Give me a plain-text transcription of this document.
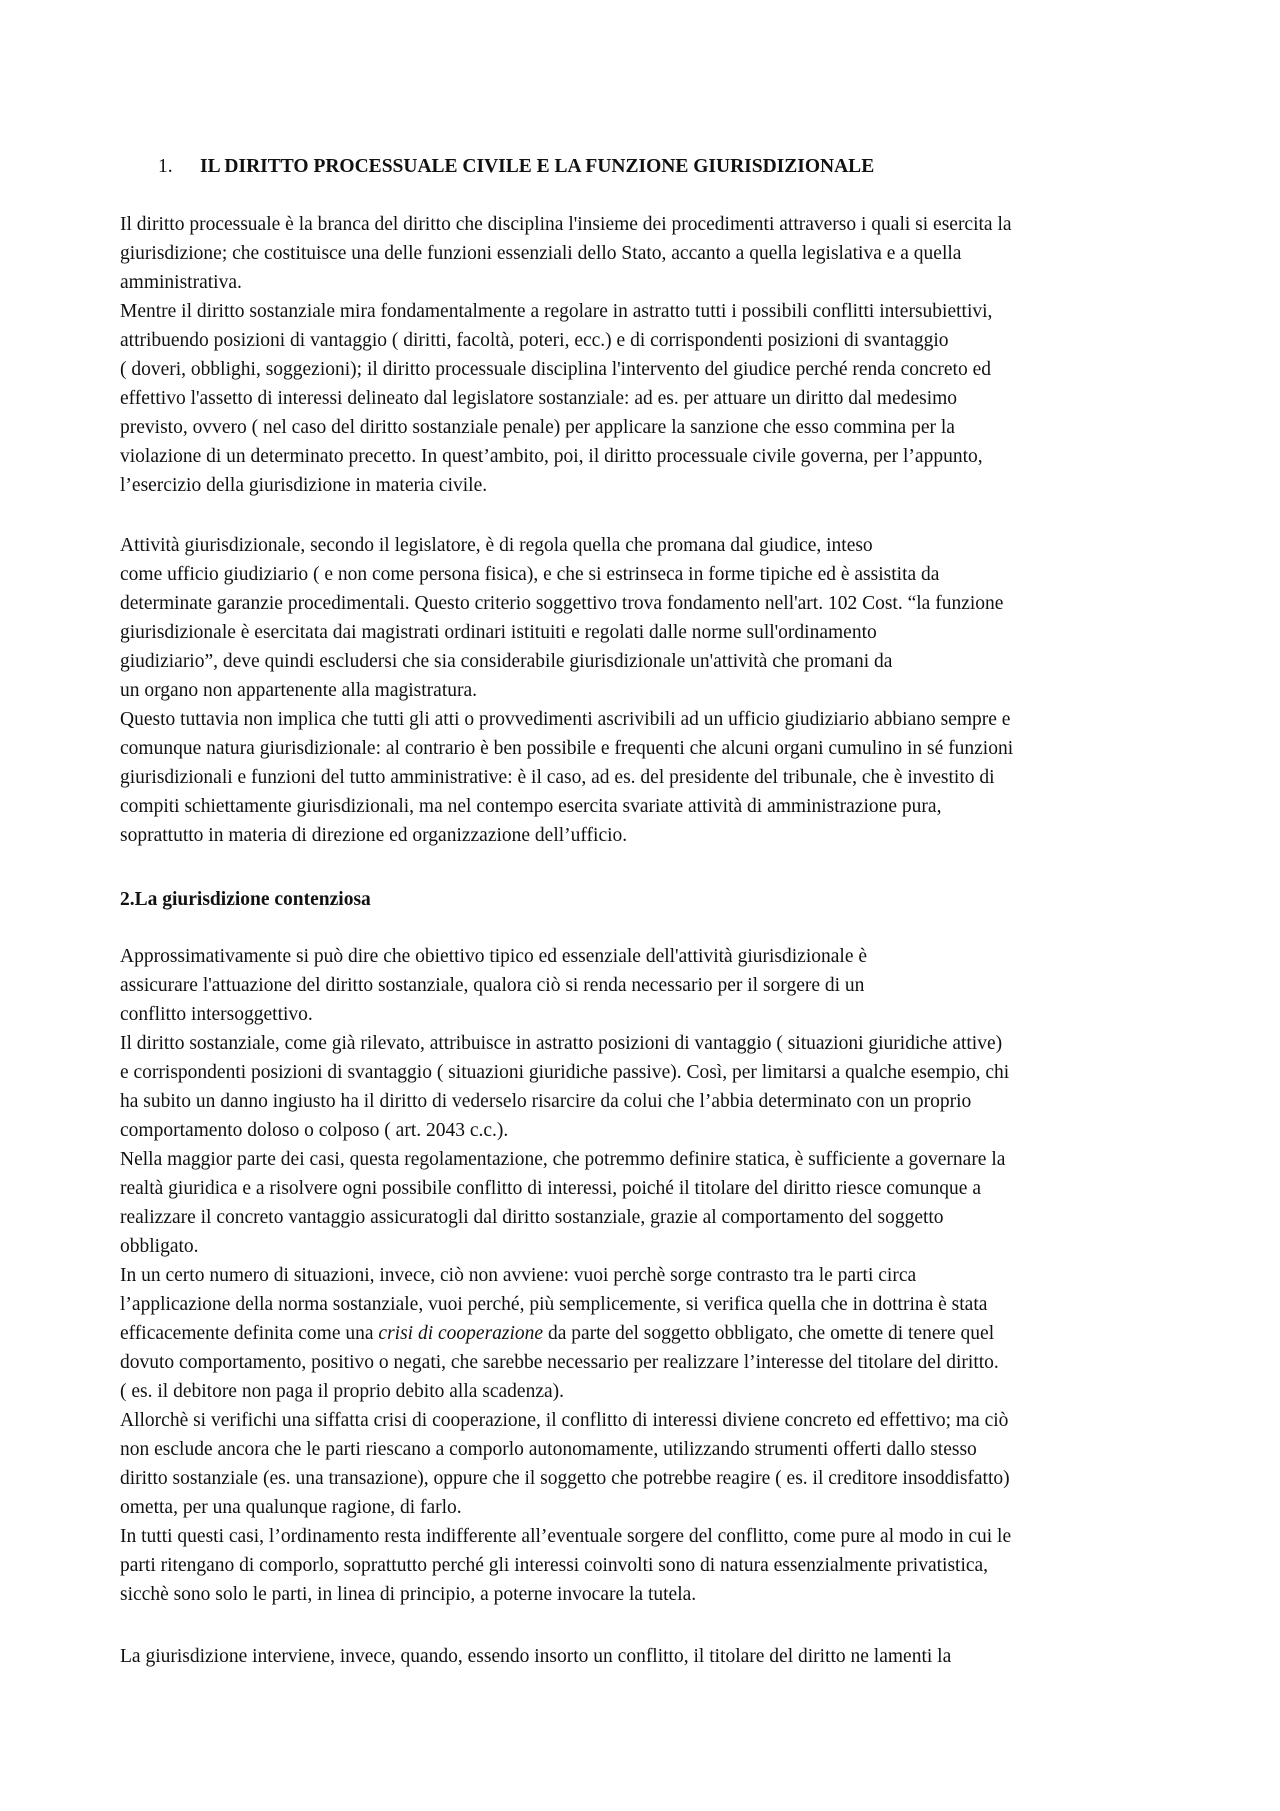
1. IL DIRITTO PROCESSUALE CIVILE E LA FUNZIONE GIURISDIZIONALE
Il diritto processuale è la branca del diritto che disciplina l'insieme dei procedimenti attraverso i quali si esercita la
giurisdizione; che costituisce una delle funzioni essenziali dello Stato, accanto a quella legislativa e a quella
amministrativa.
Mentre il diritto sostanziale mira fondamentalmente a regolare in astratto tutti i possibili conflitti intersubiettivi,
attribuendo posizioni di vantaggio ( diritti, facoltà, poteri, ecc.) e di corrispondenti posizioni di svantaggio
( doveri, obblighi, soggezioni); il diritto processuale disciplina l'intervento del giudice perché renda concreto ed
effettivo l'assetto di interessi delineato dal legislatore sostanziale: ad es. per attuare un diritto dal medesimo
previsto, ovvero ( nel caso del diritto sostanziale penale) per applicare la sanzione che esso commina per la
violazione di un determinato precetto. In quest’ambito, poi, il diritto processuale civile governa, per l’appunto,
l’esercizio della giurisdizione in materia civile.
Attività giurisdizionale, secondo il legislatore, è di regola quella che promana dal giudice, inteso
come ufficio giudiziario ( e non come persona fisica), e che si estrinseca in forme tipiche ed è assistita da
determinate garanzie procedimentali. Questo criterio soggettivo trova fondamento nell'art. 102 Cost. “la funzione
giurisdizionale è esercitata dai magistrati ordinari istituiti e regolati dalle norme sull'ordinamento
giudiziario”, deve quindi escludersi che sia considerabile giurisdizionale un'attività che promani da
un organo non appartenente alla magistratura.
Questo tuttavia non implica che tutti gli atti o provvedimenti ascrivibili ad un ufficio giudiziario abbiano sempre e
comunque natura giurisdizionale: al contrario è ben possibile e frequenti che alcuni organi cumulino in sé funzioni
giurisdizionali e funzioni del tutto amministrative: è il caso, ad es. del presidente del tribunale, che è investito di
compiti schiettamente giurisdizionali, ma nel contempo esercita svariate attività di amministrazione pura,
soprattutto in materia di direzione ed organizzazione dell’ufficio.
2.La giurisdizione contenziosa
Approssimativamente si può dire che obiettivo tipico ed essenziale dell'attività giurisdizionale è
assicurare l'attuazione del diritto sostanziale, qualora ciò si renda necessario per il sorgere di un
conflitto intersoggettivo.
Il diritto sostanziale, come già rilevato, attribuisce in astratto posizioni di vantaggio ( situazioni giuridiche attive)
e corrispondenti posizioni di svantaggio ( situazioni giuridiche passive). Così, per limitarsi a qualche esempio, chi
ha subito un danno ingiusto ha il diritto di vederselo risarcire da colui che l’abbia determinato con un proprio
comportamento doloso o colposo ( art. 2043 c.c.).
Nella maggior parte dei casi, questa regolamentazione, che potremmo definire statica, è sufficiente a governare la
realtà giuridica e a risolvere ogni possibile conflitto di interessi, poiché il titolare del diritto riesce comunque a
realizzare il concreto vantaggio assicuratogli dal diritto sostanziale, grazie al comportamento del soggetto
obbligato.
In un certo numero di situazioni, invece, ciò non avviene: vuoi perchè sorge contrasto tra le parti circa
l’applicazione della norma sostanziale, vuoi perché, più semplicemente, si verifica quella che in dottrina è stata
efficacemente definita come una crisi di cooperazione da parte del soggetto obbligato, che omette di tenere quel
dovuto comportamento, positivo o negati, che sarebbe necessario per realizzare l’interesse del titolare del diritto.
( es. il debitore non paga il proprio debito alla scadenza).
Allorchè si verifichi una siffatta crisi di cooperazione, il conflitto di interessi diviene concreto ed effettivo; ma ciò
non esclude ancora che le parti riescano a comporlo autonomamente, utilizzando strumenti offerti dallo stesso
diritto sostanziale (es. una transazione), oppure che il soggetto che potrebbe reagire ( es. il creditore insoddisfatto)
ometta, per una qualunque ragione, di farlo.
In tutti questi casi, l’ordinamento resta indifferente all’eventuale sorgere del conflitto, come pure al modo in cui le
parti ritengano di comporlo, soprattutto perché gli interessi coinvolti sono di natura essenzialmente privatistica,
sicchè sono solo le parti, in linea di principio, a poterne invocare la tutela.
La giurisdizione interviene, invece, quando, essendo insorto un conflitto, il titolare del diritto ne lamenti la
